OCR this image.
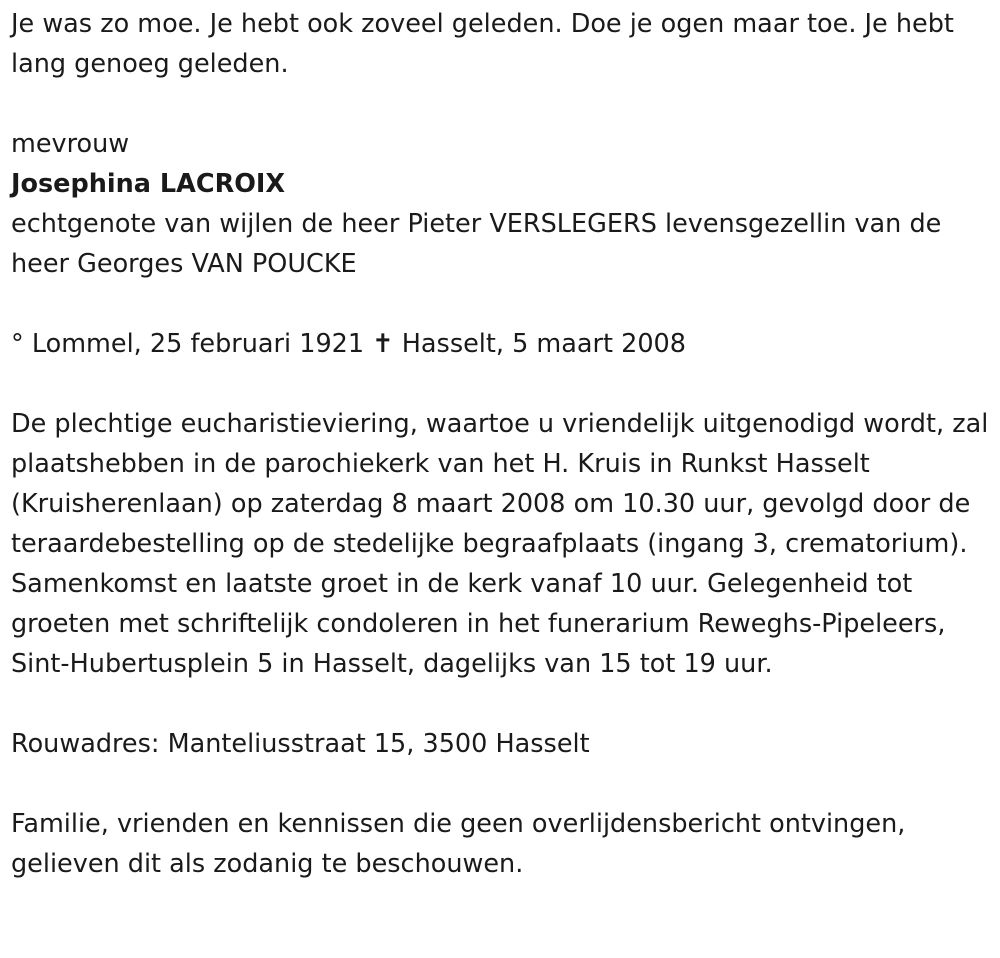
Je was zo moe. Je hebt ook zoveel geleden. Doe je ogen maar toe. Je hebt lang genoeg geleden.

mevrouw

Josephina LACROIX

echtgenote van wijlen de heer Pieter VERSLEGERS levensgezellin van de heer Georges VAN POUCKE

° Lommel, 25 februari 1921 ✝ Hasselt, 5 maart 2008

De plechtige eucharistieviering, waartoe u vriendelijk uitgenodigd wordt, zal plaatshebben in de parochiekerk van het H. Kruis in Runkst Hasselt (Kruisherenlaan) op zaterdag 8 maart 2008 om 10.30 uur, gevolgd door de teraardebestelling op de stedelijke begraafplaats (ingang 3, crematorium). Samenkomst en laatste groet in de kerk vanaf 10 uur. Gelegenheid tot groeten met schriftelijk condoleren in het funerarium Reweghs-Pipeleers, Sint-Hubertusplein 5 in Hasselt, dagelijks van 15 tot 19 uur.

Rouwadres: Manteliusstraat 15, 3500 Hasselt

Familie, vrienden en kennissen die geen overlijdensbericht ontvingen, gelieven dit als zodanig te beschouwen.
